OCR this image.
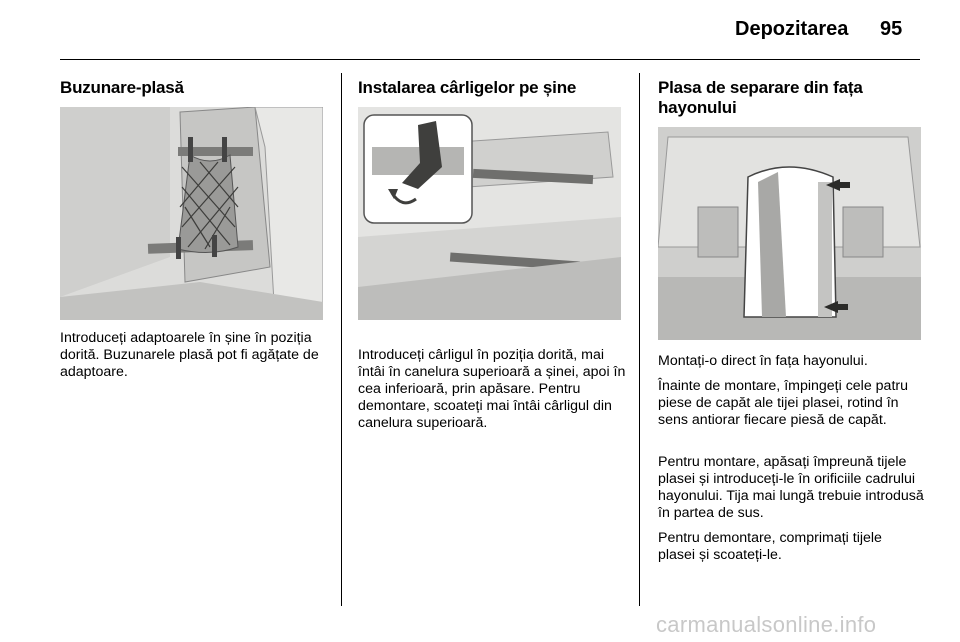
Depozitarea 95
Buzunare-plasă

Introduceți adaptoarele în șine în poziția dorită. Buzunarele plasă pot fi agățate de adaptoare.

Instalarea cârligelor pe șine

Introduceți cârligul în poziția dorită, mai întâi în canelura superioară a șinei, apoi în cea inferioară, prin apăsare. Pentru demontare, scoateți mai întâi cârligul din canelura superioară.

Plasa de separare din fața
hayonului

Montați-o direct în fața hayonului.

Înainte de montare, împingeți cele patru piese de capăt ale tijei plasei, rotind în sens antiorar fiecare piesă de capăt.

Pentru montare, apăsați împreună tijele plasei și introduceți-le în orificiile cadrului hayonului. Tija mai lungă trebuie introdusă în partea de sus.

Pentru demontare, comprimați tijele plasei și scoateți-le.

carmanualsonline.info
